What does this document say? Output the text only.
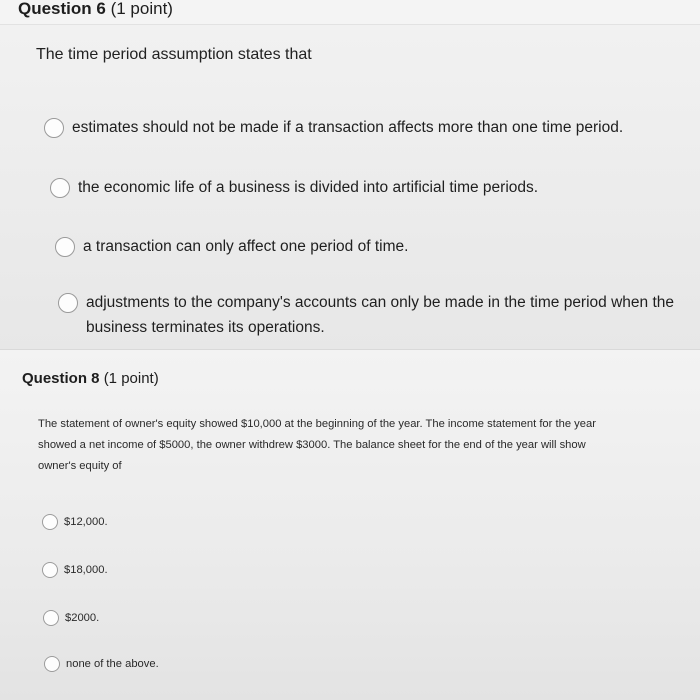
Question 6 (1 point)
The time period assumption states that
estimates should not be made if a transaction affects more than one time period.
the economic life of a business is divided into artificial time periods.
a transaction can only affect one period of time.
adjustments to the company's accounts can only be made in the time period when the business terminates its operations.
Question 8 (1 point)
The statement of owner's equity showed $10,000 at the beginning of the year. The income statement for the year showed a net income of $5000, the owner withdrew $3000. The balance sheet for the end of the year will show owner's equity of
$12,000.
$18,000.
$2000.
none of the above.
